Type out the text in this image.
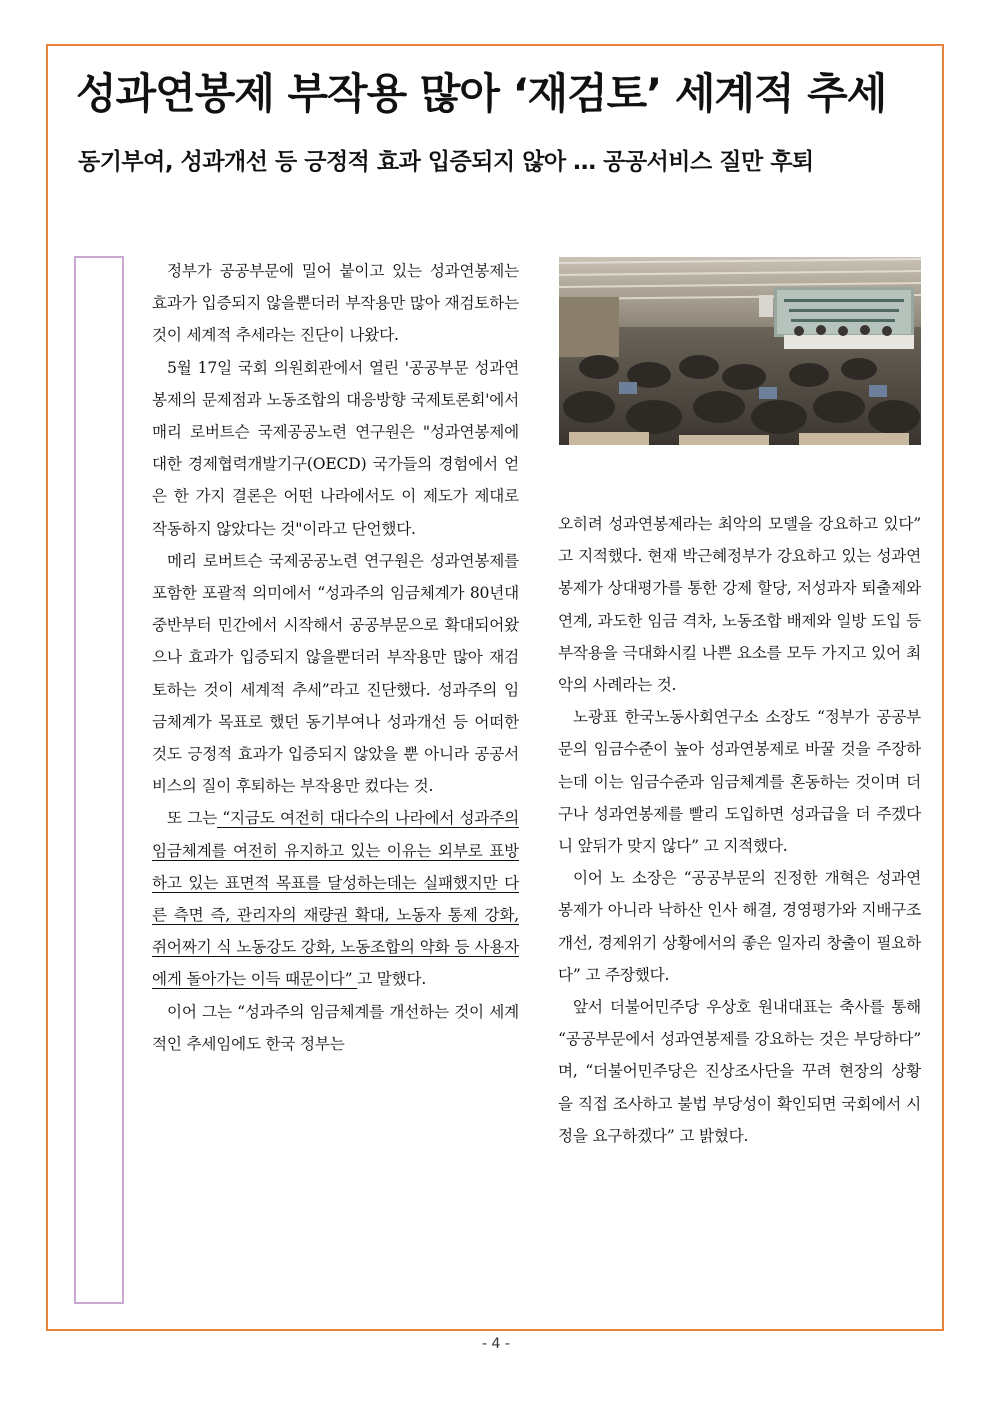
성과연봉제 부작용 많아 ‘재검토’ 세계적 추세
동기부여, 성과개선 등 긍정적 효과 입증되지 않아 … 공공서비스 질만 후퇴

정부가 공공부문에 밀어 붙이고 있는 성과연봉제는 효과가 입증되지 않을뿐더러 부작용만 많아 재검토하는 것이 세계적 추세라는 진단이 나왔다.

5월 17일 국회 의원회관에서 열린 '공공부문 성과연봉제의 문제점과 노동조합의 대응방향 국제토론회'에서 매리 로버트슨 국제공공노련 연구원은 "성과연봉제에 대한 경제협력개발기구(OECD) 국가들의 경험에서 얻은 한 가지 결론은 어떤 나라에서도 이 제도가 제대로 작동하지 않았다는 것"이라고 단언했다.

메리 로버트슨 국제공공노련 연구원은 성과연봉제를 포함한 포괄적 의미에서 “성과주의 임금체계가 80년대 중반부터 민간에서 시작해서 공공부문으로 확대되어왔으나 효과가 입증되지 않을뿐더러 부작용만 많아 재검토하는 것이 세계적 추세”라고 진단했다. 성과주의 임금체계가 목표로 했던 동기부여나 성과개선 등 어떠한 것도 긍정적 효과가 입증되지 않았을 뿐 아니라 공공서비스의 질이 후퇴하는 부작용만 컸다는 것.

또 그는 “지금도 여전히 대다수의 나라에서 성과주의 임금체계를 여전히 유지하고 있는 이유는 외부로 표방하고 있는 표면적 목표를 달성하는데는 실패했지만 다른 측면 즉, 관리자의 재량권 확대, 노동자 통제 강화, 쥐어짜기 식 노동강도 강화, 노동조합의 약화 등 사용자에게 돌아가는 이득 때문이다” 고 말했다.

이어 그는 “성과주의 임금체계를 개선하는 것이 세계적인 추세임에도 한국 정부는

오히려 성과연봉제라는 최악의 모델을 강요하고 있다” 고 지적했다. 현재 박근혜정부가 강요하고 있는 성과연봉제가 상대평가를 통한 강제 할당, 저성과자 퇴출제와 연계, 과도한 임금 격차, 노동조합 배제와 일방 도입 등 부작용을 극대화시킬 나쁜 요소를 모두 가지고 있어 최악의 사례라는 것.

노광표 한국노동사회연구소 소장도 “정부가 공공부문의 임금수준이 높아 성과연봉제로 바꿀 것을 주장하는데 이는 임금수준과 임금체계를 혼동하는 것이며 더구나 성과연봉제를 빨리 도입하면 성과급을 더 주겠다니 앞뒤가 맞지 않다” 고 지적했다.

이어 노 소장은 “공공부문의 진정한 개혁은 성과연봉제가 아니라 낙하산 인사 해결, 경영평가와 지배구조 개선, 경제위기 상황에서의 좋은 일자리 창출이 필요하다” 고 주장했다.

앞서 더불어민주당 우상호 원내대표는 축사를 통해 “공공부문에서 성과연봉제를 강요하는 것은 부당하다” 며, “더불어민주당은 진상조사단을 꾸려 현장의 상황을 직접 조사하고 불법 부당성이 확인되면 국회에서 시정을 요구하겠다” 고 밝혔다.

- 4 -
